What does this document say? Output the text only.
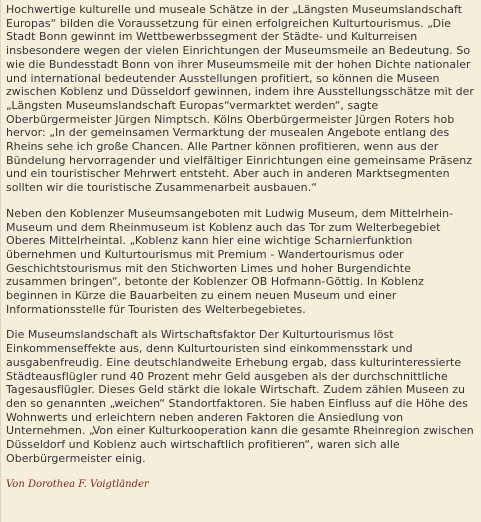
Hochwertige kulturelle und museale Schätze in der „Längsten Museumslandschaft Europas“ bilden die Voraussetzung für einen erfolgreichen Kulturtourismus. „Die Stadt Bonn gewinnt im Wettbewerbssegment der Städte- und Kulturreisen insbesondere wegen der vielen Einrichtungen der Museumsmeile an Bedeutung. So wie die Bundesstadt Bonn von ihrer Museumsmeile mit der hohen Dichte nationaler und international bedeutender Ausstellungen profitiert, so können die Museen zwischen Koblenz und Düsseldorf gewinnen, indem ihre Ausstellungsschätze mit der „Längsten Museumslandschaft Europas“vermarktet werden“, sagte Oberbürgermeister Jürgen Nimptsch. Kölns Oberbürgermeister Jürgen Roters hob hervor: „In der gemeinsamen Vermarktung der musealen Angebote entlang des Rheins sehe ich große Chancen. Alle Partner können profitieren, wenn aus der Bündelung hervorragender und vielfältiger Einrichtungen eine gemeinsame Präsenz und ein touristischer Mehrwert entsteht. Aber auch in anderen Marktsegmenten sollten wir die touristische Zusammenarbeit ausbauen.“

Neben den Koblenzer Museumsangeboten mit Ludwig Museum, dem Mittelrhein-Museum und dem Rheinmuseum ist Koblenz auch das Tor zum Welterbegebiet Oberes Mittelrheintal. „Koblenz kann hier eine wichtige Scharnierfunktion übernehmen und Kulturtourismus mit Premium - Wandertourismus oder Geschichtstourismus mit den Stichworten Limes und hoher Burgendichte zusammen bringen“, betonte der Koblenzer OB Hofmann-Göttig. In Koblenz beginnen in Kürze die Bauarbeiten zu einem neuen Museum und einer Informationsstelle für Touristen des Welterbegebietes.

Die Museumslandschaft als Wirtschaftsfaktor Der Kulturtourismus löst Einkommenseffekte aus, denn Kulturtouristen sind einkommensstark und ausgabenfreudig. Eine deutschlandweite Erhebung ergab, dass kulturinteressierte Städteausflügler rund 40 Prozent mehr Geld ausgeben als der durchschnittliche Tagesausflügler. Dieses Geld stärkt die lokale Wirtschaft. Zudem zählen Museen zu den so genannten „weichen“ Standortfaktoren. Sie haben Einfluss auf die Höhe des Wohnwerts und erleichtern neben anderen Faktoren die Ansiedlung von Unternehmen. „Von einer Kulturkooperation kann die gesamte Rheinregion zwischen Düsseldorf und Koblenz auch wirtschaftlich profitieren“, waren sich alle Oberbürgermeister einig.

Von Dorothea F. Voigtländer
